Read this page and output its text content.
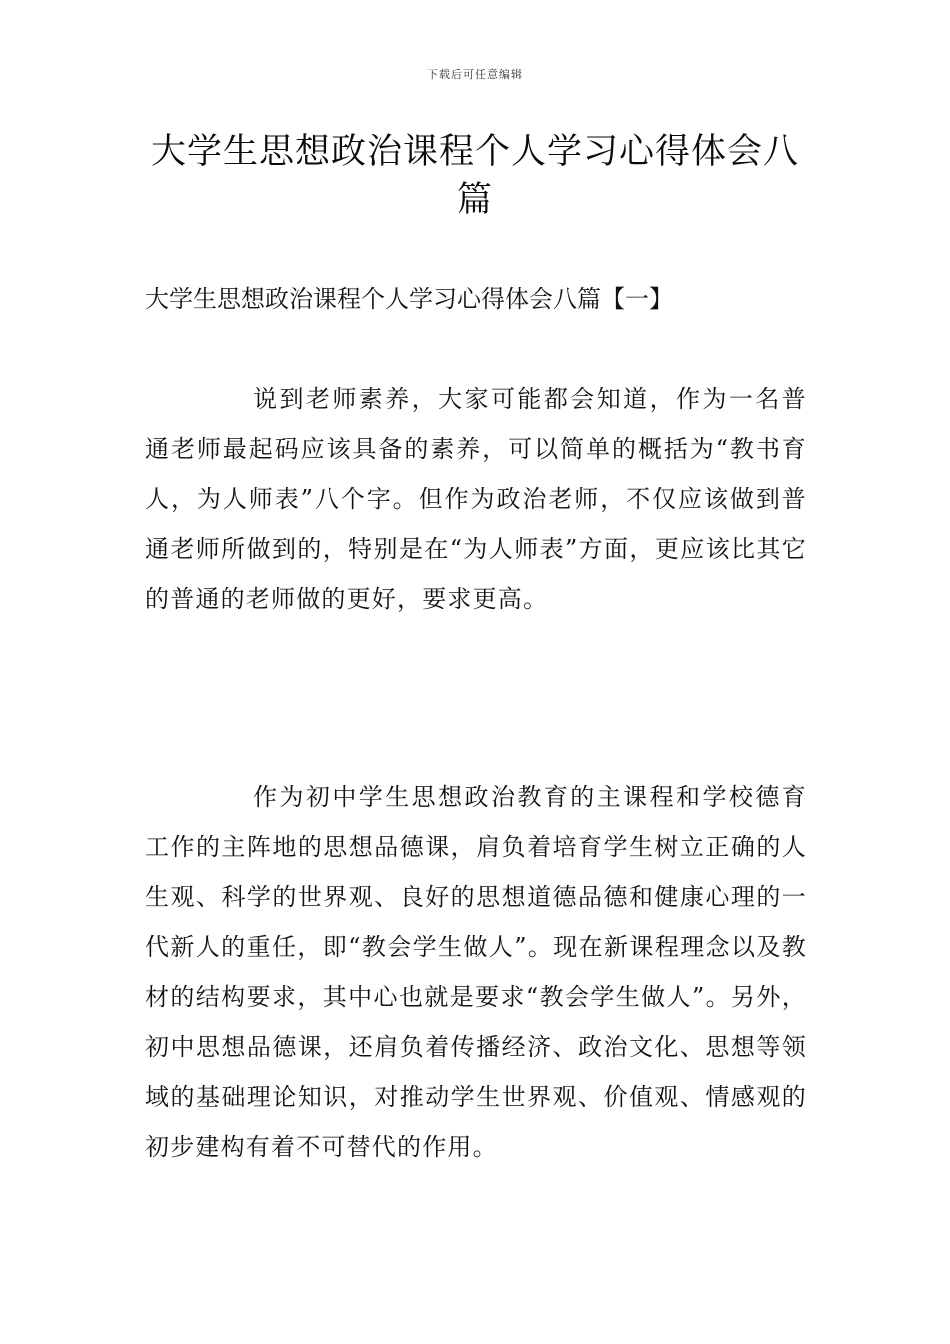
下载后可任意编辑
大学生思想政治课程个人学习心得体会八篇

大学生思想政治课程个人学习心得体会八篇【一】

说到老师素养，大家可能都会知道，作为一名普通老师最起码应该具备的素养，可以简单的概括为“教书育人，为人师表”八个字。但作为政治老师，不仅应该做到普通老师所做到的，特别是在“为人师表”方面，更应该比其它的普通的老师做的更好，要求更高。

作为初中学生思想政治教育的主课程和学校德育工作的主阵地的思想品德课，肩负着培育学生树立正确的人生观、科学的世界观、良好的思想道德品德和健康心理的一代新人的重任，即“教会学生做人”。现在新课程理念以及教材的结构要求，其中心也就是要求“教会学生做人”。另外，初中思想品德课，还肩负着传播经济、政治文化、思想等领域的基础理论知识，对推动学生世界观、价值观、情感观的初步建构有着不可替代的作用。
